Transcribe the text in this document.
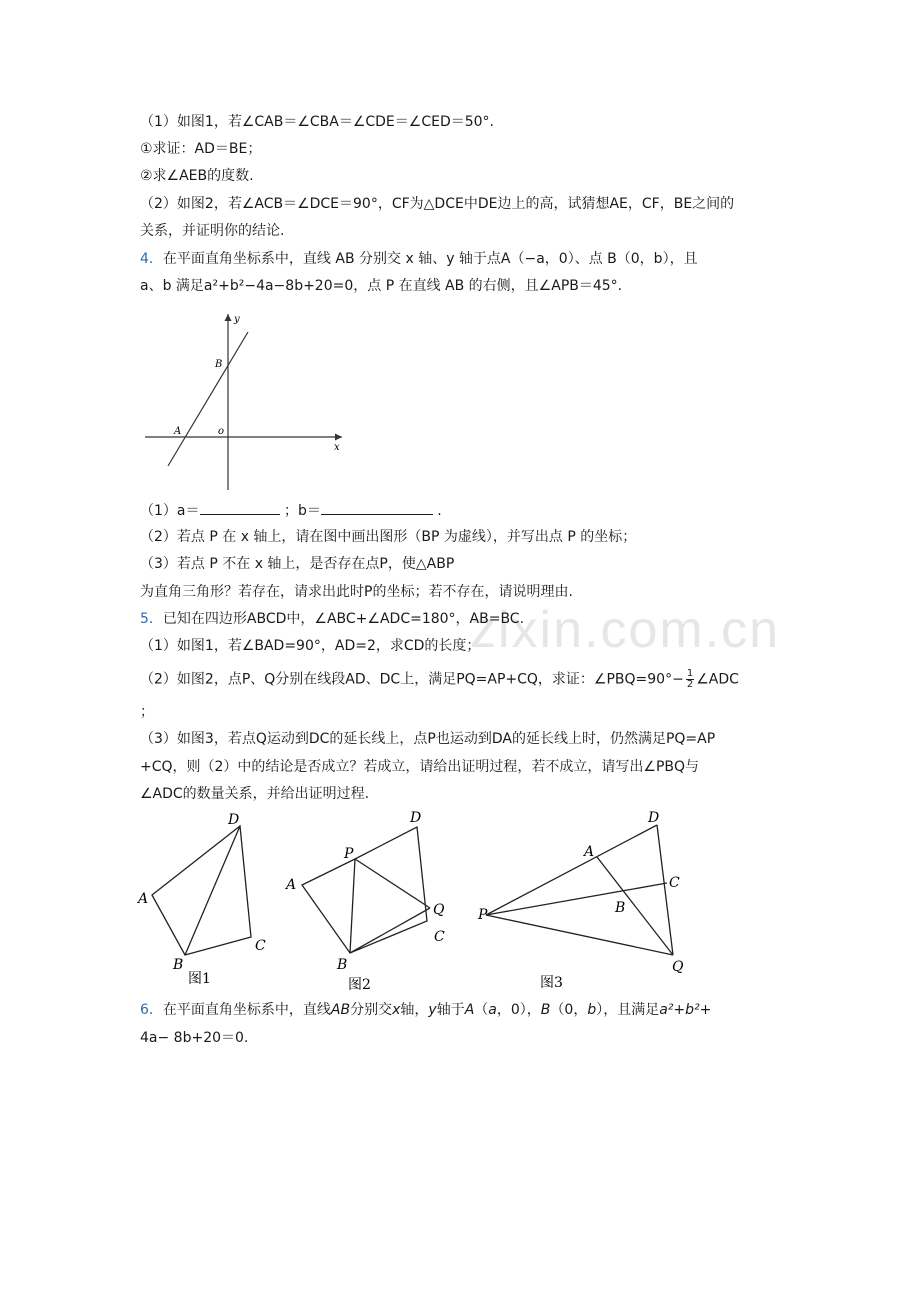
zixin.com.cn
（1）如图1，若∠CAB＝∠CBA＝∠CDE＝∠CED＝50°.
①求证：AD＝BE；
②求∠AEB的度数.
（2）如图2，若∠ACB＝∠DCE＝90°，CF为△DCE中DE边上的高，试猜想AE，CF，BE之间的
关系，并证明你的结论.
4．在平面直角坐标系中，直线 AB 分别交 x 轴、y 轴于点A（−a，0）、点 B（0，b），且
a、b 满足a²+b²−4a−8b+20=0，点 P 在直线 AB 的右侧，且∠APB＝45°.
y
x
B
A	o
（1）a＝	；b＝	.
（2）若点 P 在 x 轴上，请在图中画出图形（BP 为虚线），并写出点 P 的坐标；
（3）若点 P 不在 x 轴上，是否存在点P，使△ABP
为直角三角形？若存在，请求出此时P的坐标；若不存在，请说明理由.
5．已知在四边形ABCD中，∠ABC+∠ADC=180°，AB=BC.
（1）如图1，若∠BAD=90°，AD=2，求CD的长度；
（2）如图2，点P、Q分别在线段AD、DC上，满足PQ=AP+CQ，求证：∠PBQ=90°− $\frac{1}{2}$ ∠ADC
；
（3）如图3，若点Q运动到DC的延长线上，点P也运动到DA的延长线上时，仍然满足PQ=AP
+CQ，则（2）中的结论是否成立？若成立，请给出证明过程，若不成立，请写出∠PBQ与
∠ADC的数量关系，并给出证明过程.
D
A
B
C
图1
D
P
A
Q
C
B
图2
D
A
C
B
P
Q
图3
6．在平面直角坐标系中，直线AB分别交x轴，y轴于A（a，0），B（0，b），且满足a²+b²+
4a− 8b+20＝0.
